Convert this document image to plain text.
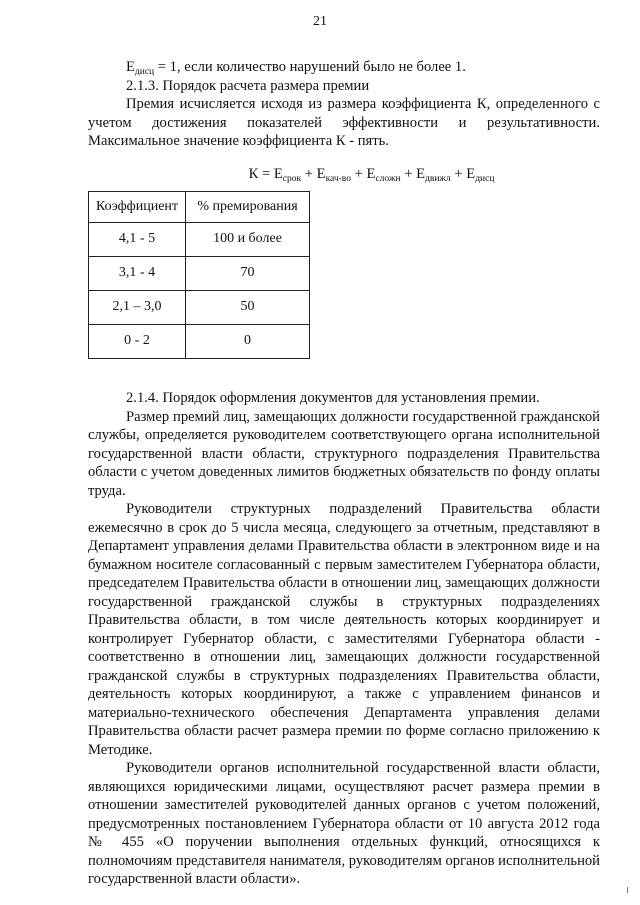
21

$E_{дисц} = 1$, если количество нарушений было не более 1.

2.1.3. Порядок расчета размера премии

Премия исчисляется исходя из размера коэффициента К, определенного с учетом достижения показателей эффективности и результативности. Максимальное значение коэффициента К - пять.

$К = Е_{срок} + Е_{кач-во} + Е_{сложн} + Е_{движл} + Е_{дисц}$
Коэффициент	% премирования
4,1 - 5	100 и более
3,1 - 4	70
2,1 – 3,0	50
0 - 2	0

2.1.4. Порядок оформления документов для установления премии.

Размер премий лиц, замещающих должности государственной гражданской службы, определяется руководителем соответствующего органа исполнительной государственной власти области, структурного подразделения Правительства области с учетом доведенных лимитов бюджетных обязательств по фонду оплаты труда.

Руководители структурных подразделений Правительства области ежемесячно в срок до 5 числа месяца, следующего за отчетным, представляют в Департамент управления делами Правительства области в электронном виде и на бумажном носителе согласованный с первым заместителем Губернатора области, председателем Правительства области в отношении лиц, замещающих должности государственной гражданской службы в структурных подразделениях Правительства области, в том числе деятельность которых координирует и контролирует Губернатор области, с заместителями Губернатора области - соответственно в отношении лиц, замещающих должности государственной гражданской службы в структурных подразделениях Правительства области, деятельность которых координируют, а также с управлением финансов и материально-технического обеспечения Департамента управления делами Правительства области расчет размера премии по форме согласно приложению к Методике.

Руководители органов исполнительной государственной власти области, являющихся юридическими лицами, осуществляют расчет размера премии в отношении заместителей руководителей данных органов с учетом положений, предусмотренных постановлением Губернатора области от 10 августа 2012 года № 455 «О поручении выполнения отдельных функций, относящихся к полномочиям представителя нанимателя, руководителям органов исполнительной государственной власти области».
